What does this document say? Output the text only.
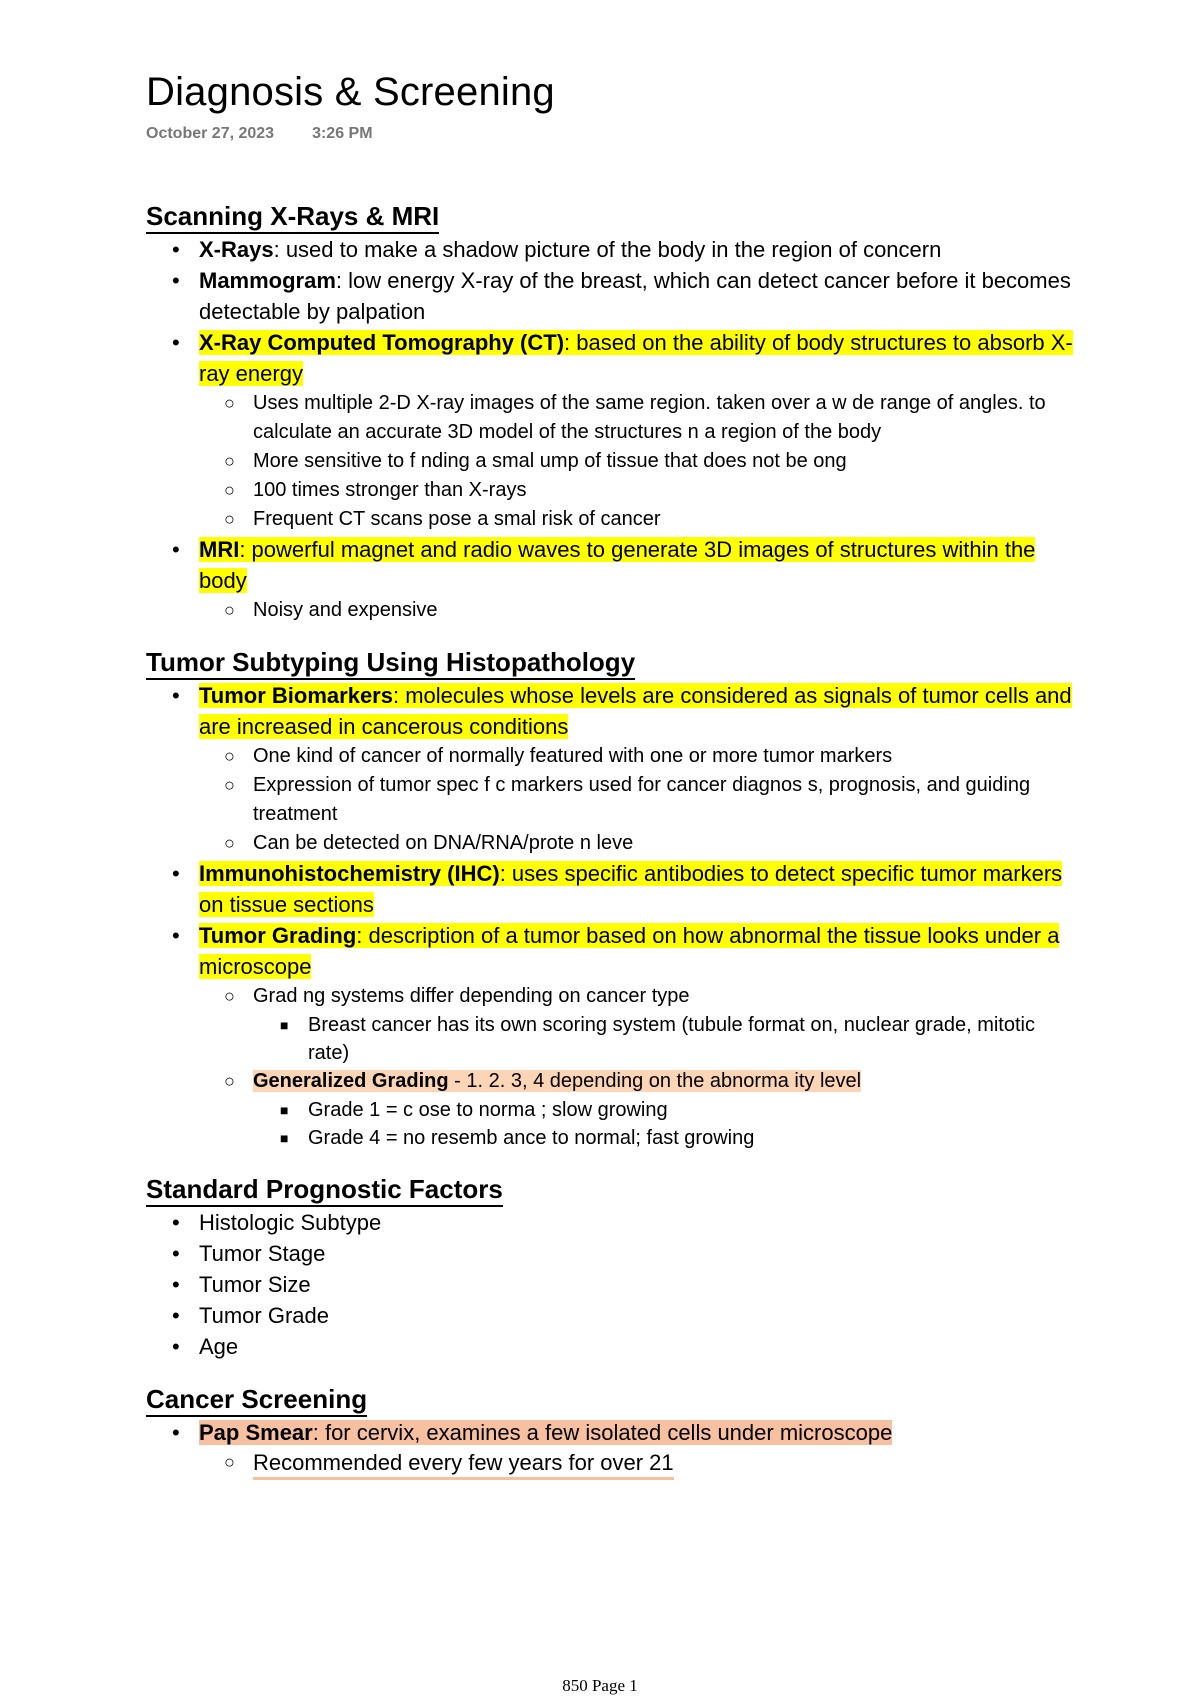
Diagnosis & Screening
October 27, 2023 3:26 PM
Scanning X-Rays & MRI
• X-Rays: used to make a shadow picture of the body in the region of concern
• Mammogram: low energy X-ray of the breast, which can detect cancer before it becomes detectable by palpation
• X-Ray Computed Tomography (CT): based on the ability of body structures to absorb X-ray energy
○ Uses multiple 2-D X-ray images of the same region. taken over a w de range of angles. to calculate an accurate 3D model of the structures n a region of the body
○ More sensitive to f nding a smal ump of tissue that does not be ong
○ 100 times stronger than X-rays
○ Frequent CT scans pose a smal risk of cancer
• MRI: powerful magnet and radio waves to generate 3D images of structures within the body
○ Noisy and expensive
Tumor Subtyping Using Histopathology
• Tumor Biomarkers: molecules whose levels are considered as signals of tumor cells and are increased in cancerous conditions
○ One kind of cancer of normally featured with one or more tumor markers
○ Expression of tumor spec f c markers used for cancer diagnos s, prognosis, and guiding treatment
○ Can be detected on DNA/RNA/prote n leve
• Immunohistochemistry (IHC): uses specific antibodies to detect specific tumor markers on tissue sections
• Tumor Grading: description of a tumor based on how abnormal the tissue looks under a microscope
○ Grad ng systems differ depending on cancer type
■ Breast cancer has its own scoring system (tubule format on, nuclear grade, mitotic rate)
○ Generalized Grading - 1. 2. 3, 4 depending on the abnorma ity level
■ Grade 1 = c ose to norma ; slow growing
■ Grade 4 = no resemb ance to normal; fast growing
Standard Prognostic Factors
• Histologic Subtype
• Tumor Stage
• Tumor Size
• Tumor Grade
• Age
Cancer Screening
• Pap Smear: for cervix, examines a few isolated cells under microscope
○ Recommended every few years for over 21
850 Page 1
